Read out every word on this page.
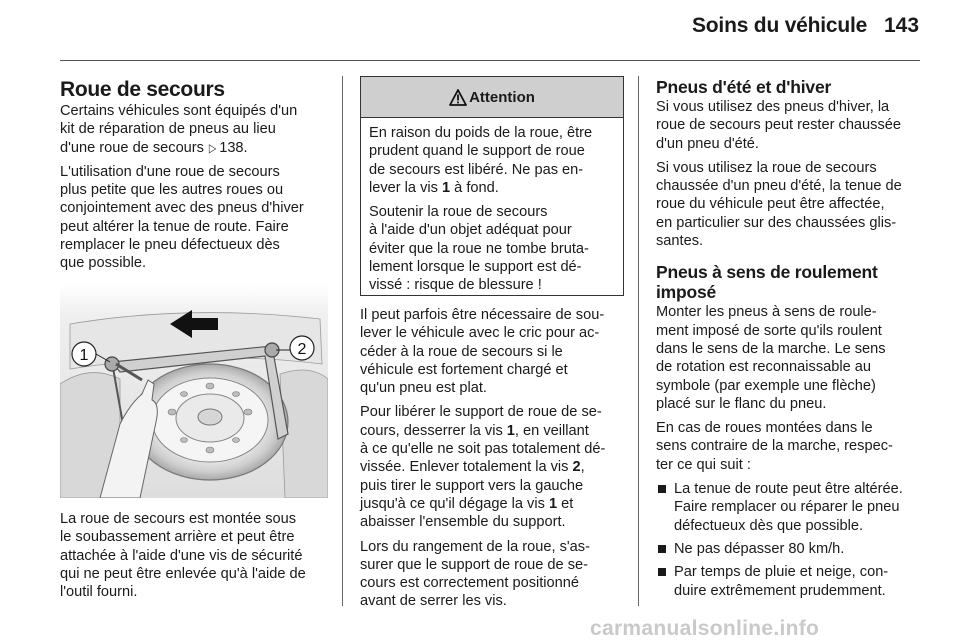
Soins du véhicule 143
Roue de secours

Certains véhicules sont équipés d'un
kit de réparation de pneus au lieu
d'une roue de secours ▷ 138.

L'utilisation d'une roue de secours
plus petite que les autres roues ou
conjointement avec des pneus d'hiver
peut altérer la tenue de route. Faire
remplacer le pneu défectueux dès
que possible.

1	2

La roue de secours est montée sous
le soubassement arrière et peut être
attachée à l'aide d'une vis de sécurité
qui ne peut être enlevée qu'à l'aide de
l'outil fourni.

Attention

En raison du poids de la roue, être
prudent quand le support de roue
de secours est libéré. Ne pas en-
lever la vis 1 à fond.

Soutenir la roue de secours
à l'aide d'un objet adéquat pour
éviter que la roue ne tombe bruta-
lement lorsque le support est dé-
vissé : risque de blessure !

Il peut parfois être nécessaire de sou-
lever le véhicule avec le cric pour ac-
céder à la roue de secours si le
véhicule est fortement chargé et
qu'un pneu est plat.

Pour libérer le support de roue de se-
cours, desserrer la vis 1, en veillant
à ce qu'elle ne soit pas totalement dé-
vissée. Enlever totalement la vis 2,
puis tirer le support vers la gauche
jusqu'à ce qu'il dégage la vis 1 et
abaisser l'ensemble du support.

Lors du rangement de la roue, s'as-
surer que le support de roue de se-
cours est correctement positionné
avant de serrer les vis.

Pneus d'été et d'hiver

Si vous utilisez des pneus d'hiver, la
roue de secours peut rester chaussée
d'un pneu d'été.

Si vous utilisez la roue de secours
chaussée d'un pneu d'été, la tenue de
roue du véhicule peut être affectée,
en particulier sur des chaussées glis-
santes.

Pneus à sens de roulement
imposé

Monter les pneus à sens de roule-
ment imposé de sorte qu'ils roulent
dans le sens de la marche. Le sens
de rotation est reconnaissable au
symbole (par exemple une flèche)
placé sur le flanc du pneu.

En cas de roues montées dans le
sens contraire de la marche, respec-
ter ce qui suit :

La tenue de route peut être altérée.
Faire remplacer ou réparer le pneu
défectueux dès que possible.
Ne pas dépasser 80 km/h.
Par temps de pluie et neige, con-
duire extrêmement prudemment.
carmanualsonline.info
